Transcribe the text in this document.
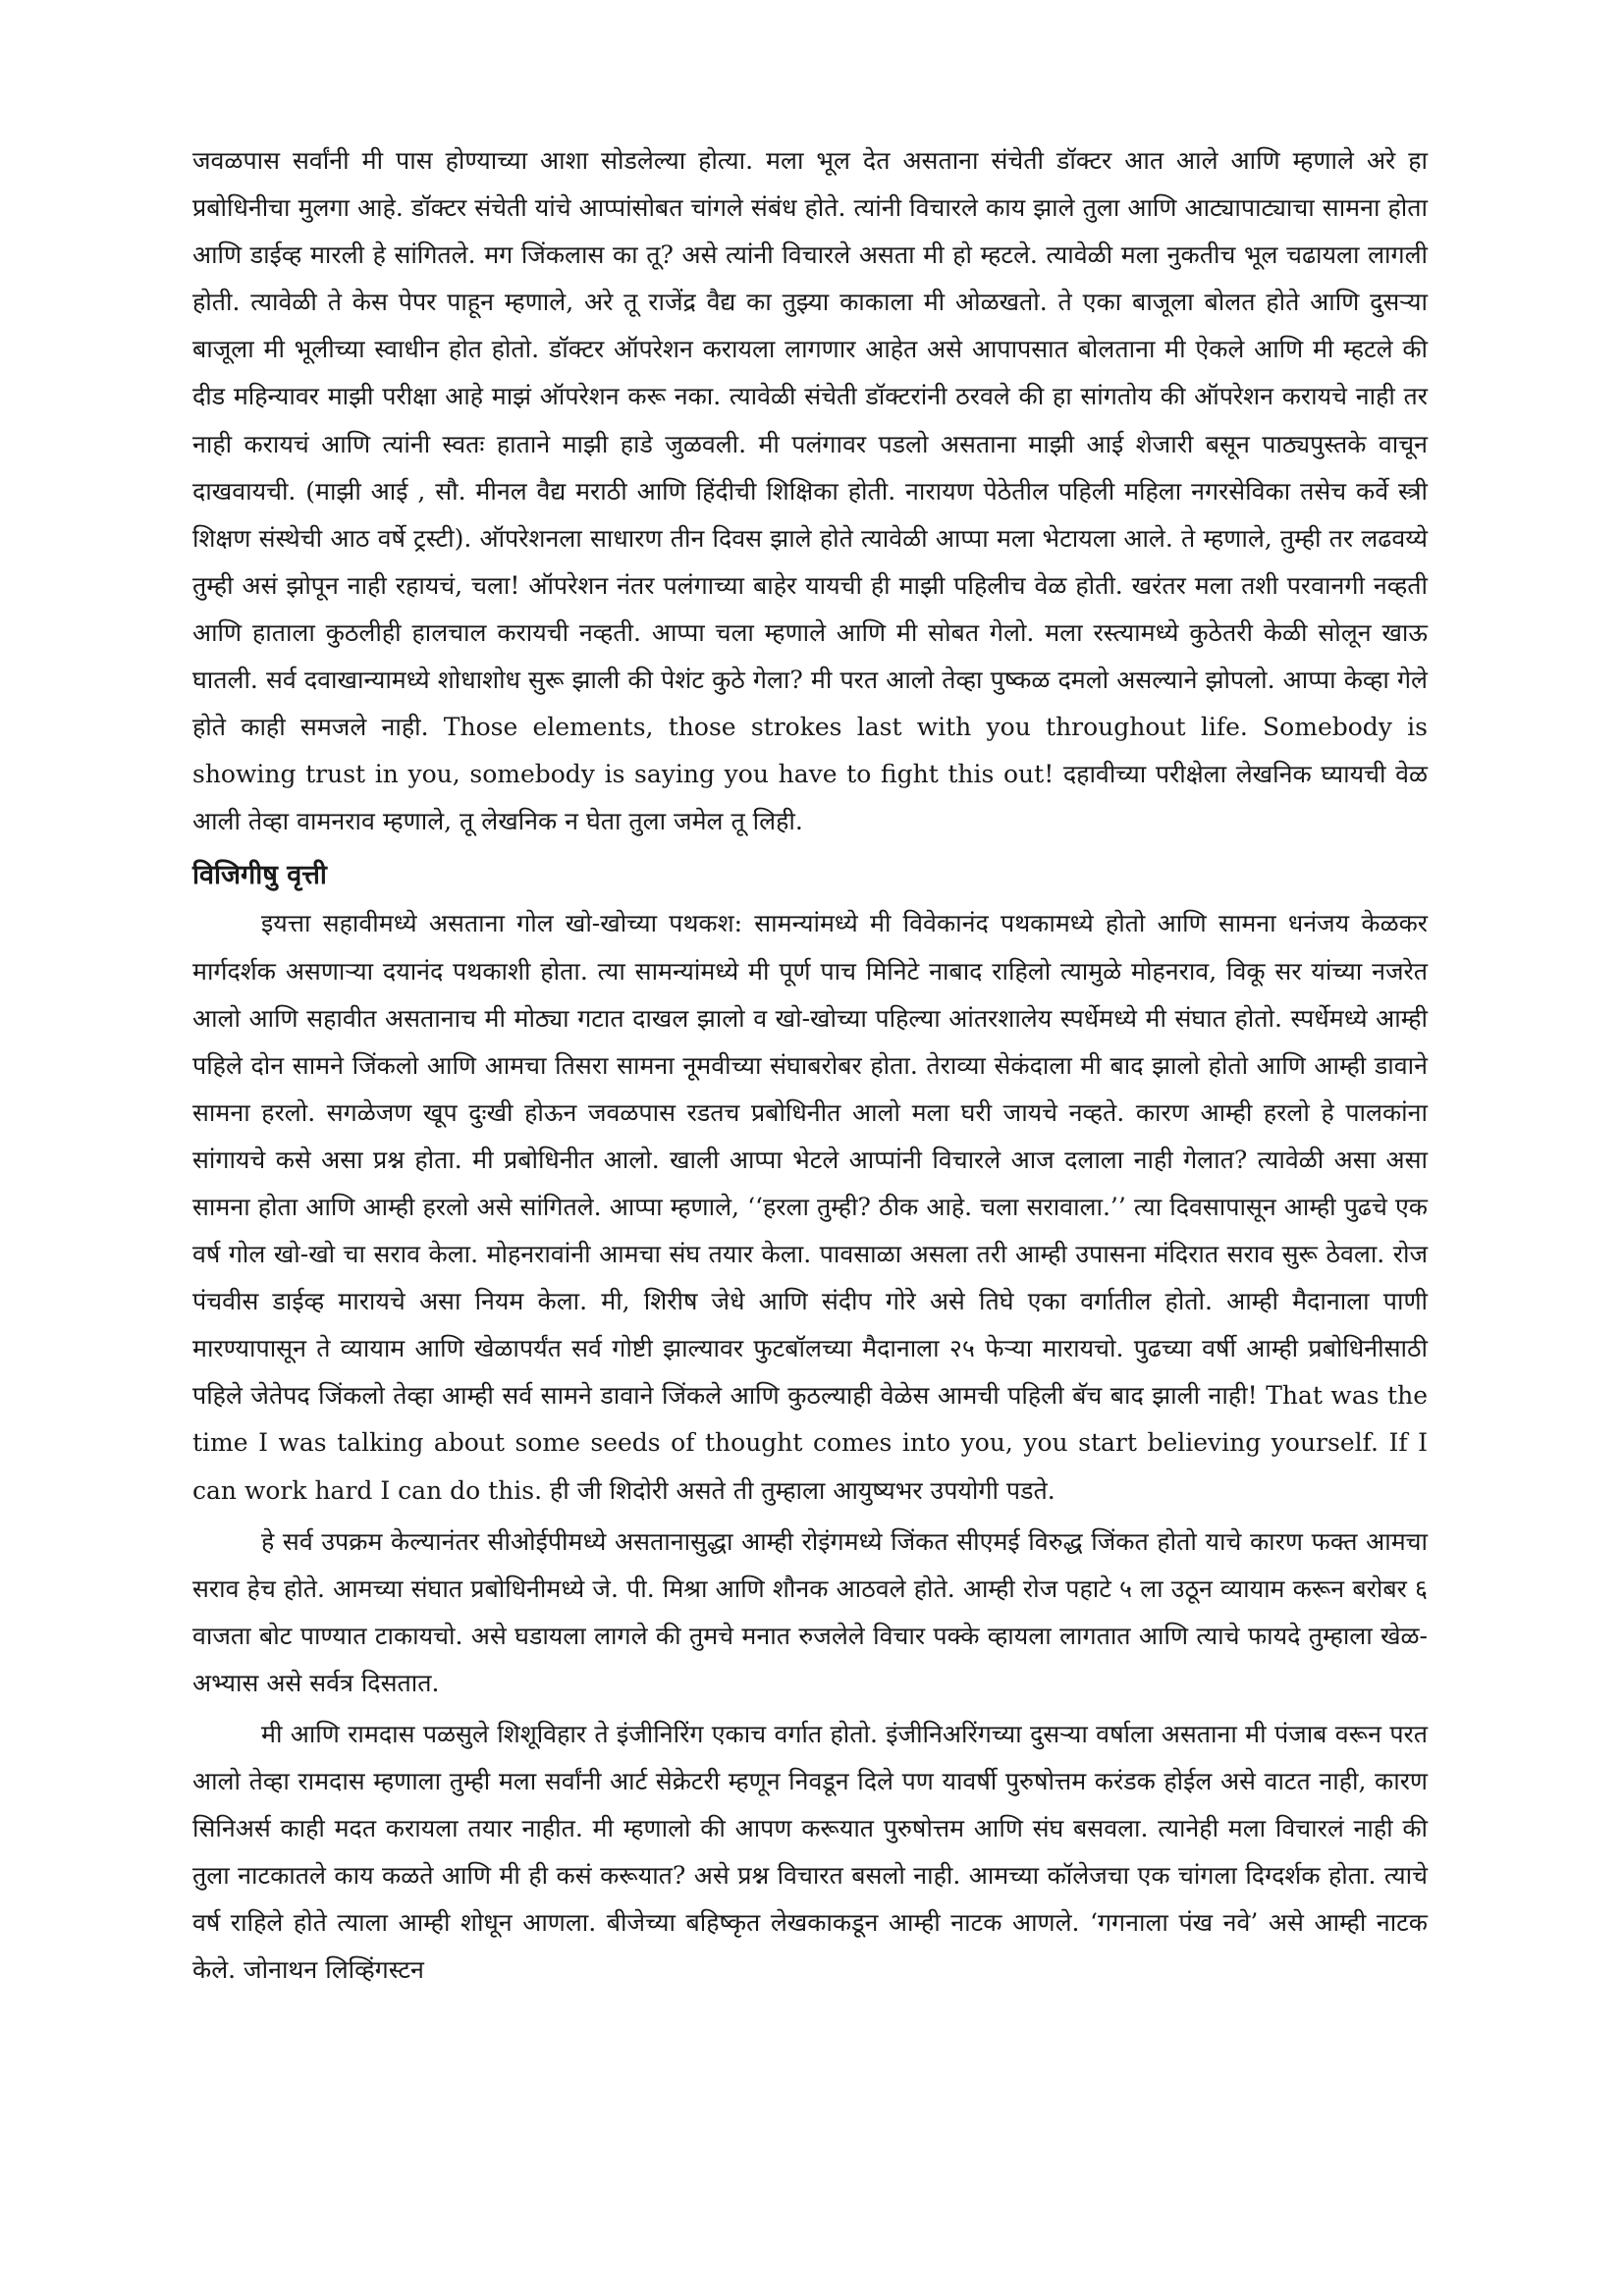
जवळपास सर्वांनी मी पास होण्याच्या आशा सोडलेल्या होत्या. मला भूल देत असताना संचेती डॉक्टर आत आले आणि म्हणाले अरे हा प्रबोधिनीचा मुलगा आहे. डॉक्टर संचेती यांचे आप्पांसोबत चांगले संबंध होते. त्यांनी विचारले काय झाले तुला आणि आट्यापाट्याचा सामना होता आणि डाईव्ह मारली हे सांगितले. मग जिंकलास का तू? असे त्यांनी विचारले असता मी हो म्हटले. त्यावेळी मला नुकतीच भूल चढायला लागली होती. त्यावेळी ते केस पेपर पाहून म्हणाले, अरे तू राजेंद्र वैद्य का तुझ्या काकाला मी ओळखतो. ते एका बाजूला बोलत होते आणि दुसऱ्या बाजूला मी भूलीच्या स्वाधीन होत होतो. डॉक्टर ऑपरेशन करायला लागणार आहेत असे आपापसात बोलताना मी ऐकले आणि मी म्हटले की दीड महिन्यावर माझी परीक्षा आहे माझं ऑपरेशन करू नका. त्यावेळी संचेती डॉक्टरांनी ठरवले की हा सांगतोय की ऑपरेशन करायचे नाही तर नाही करायचं आणि त्यांनी स्वतः हाताने माझी हाडे जुळवली. मी पलंगावर पडलो असताना माझी आई शेजारी बसून पाठ्यपुस्तके वाचून दाखवायची. (माझी आई , सौ. मीनल वैद्य मराठी आणि हिंदीची शिक्षिका होती. नारायण पेठेतील पहिली महिला नगरसेविका तसेच कर्वे स्त्री शिक्षण संस्थेची आठ वर्षे ट्रस्टी). ऑपरेशनला साधारण तीन दिवस झाले होते त्यावेळी आप्पा मला भेटायला आले. ते म्हणाले, तुम्ही तर लढवय्ये तुम्ही असं झोपून नाही रहायचं, चला! ऑपरेशन नंतर पलंगाच्या बाहेर यायची ही माझी पहिलीच वेळ होती. खरंतर मला तशी परवानगी नव्हती आणि हाताला कुठलीही हालचाल करायची नव्हती. आप्पा चला म्हणाले आणि मी सोबत गेलो. मला रस्त्यामध्ये कुठेतरी केळी सोलून खाऊ घातली. सर्व दवाखान्यामध्ये शोधाशोध सुरू झाली की पेशंट कुठे गेला? मी परत आलो तेव्हा पुष्कळ दमलो असल्याने झोपलो. आप्पा केव्हा गेले होते काही समजले नाही. Those elements, those strokes last with you throughout life. Somebody is showing trust in you, somebody is saying you have to fight this out! दहावीच्या परीक्षेला लेखनिक घ्यायची वेळ आली तेव्हा वामनराव म्हणाले, तू लेखनिक न घेता तुला जमेल तू लिही.

विजिगीषु वृत्ती

इयत्ता सहावीमध्ये असताना गोल खो-खोच्या पथकश: सामन्यांमध्ये मी विवेकानंद पथकामध्ये होतो आणि सामना धनंजय केळकर मार्गदर्शक असणाऱ्या दयानंद पथकाशी होता. त्या सामन्यांमध्ये मी पूर्ण पाच मिनिटे नाबाद राहिलो त्यामुळे मोहनराव, विकू सर यांच्या नजरेत आलो आणि सहावीत असतानाच मी मोठ्या गटात दाखल झालो व खो-खोच्या पहिल्या आंतरशालेय स्पर्धेमध्ये मी संघात होतो. स्पर्धेमध्ये आम्ही पहिले दोन सामने जिंकलो आणि आमचा तिसरा सामना नूमवीच्या संघाबरोबर होता. तेराव्या सेकंदाला मी बाद झालो होतो आणि आम्ही डावाने सामना हरलो. सगळेजण खूप दुःखी होऊन जवळपास रडतच प्रबोधिनीत आलो मला घरी जायचे नव्हते. कारण आम्ही हरलो हे पालकांना सांगायचे कसे असा प्रश्न होता. मी प्रबोधिनीत आलो. खाली आप्पा भेटले आप्पांनी विचारले आज दलाला नाही गेलात? त्यावेळी असा असा सामना होता आणि आम्ही हरलो असे सांगितले. आप्पा म्हणाले, ‘‘हरला तुम्ही? ठीक आहे. चला सरावाला.’’ त्या दिवसापासून आम्ही पुढचे एक वर्ष गोल खो-खो चा सराव केला. मोहनरावांनी आमचा संघ तयार केला. पावसाळा असला तरी आम्ही उपासना मंदिरात सराव सुरू ठेवला. रोज पंचवीस डाईव्ह मारायचे असा नियम केला. मी, शिरीष जेधे आणि संदीप गोरे असे तिघे एका वर्गातील होतो. आम्ही मैदानाला पाणी मारण्यापासून ते व्यायाम आणि खेळापर्यंत सर्व गोष्टी झाल्यावर फुटबॉलच्या मैदानाला २५ फेऱ्या मारायचो. पुढच्या वर्षी आम्ही प्रबोधिनीसाठी पहिले जेतेपद जिंकलो तेव्हा आम्ही सर्व सामने डावाने जिंकले आणि कुठल्याही वेळेस आमची पहिली बॅच बाद झाली नाही! That was the time I was talking about some seeds of thought comes into you, you start believing yourself. If I can work hard I can do this. ही जी शिदोरी असते ती तुम्हाला आयुष्यभर उपयोगी पडते.

हे सर्व उपक्रम केल्यानंतर सीओईपीमध्ये असतानासुद्धा आम्ही रोइंगमध्ये जिंकत सीएमई विरुद्ध जिंकत होतो याचे कारण फक्त आमचा सराव हेच होते. आमच्या संघात प्रबोधिनीमध्ये जे. पी. मिश्रा आणि शौनक आठवले होते. आम्ही रोज पहाटे ५ ला उठून व्यायाम करून बरोबर ६ वाजता बोट पाण्यात टाकायचो. असे घडायला लागले की तुमचे मनात रुजलेले विचार पक्के व्हायला लागतात आणि त्याचे फायदे तुम्हाला खेळ-अभ्यास असे सर्वत्र दिसतात.

मी आणि रामदास पळसुले शिशूविहार ते इंजीनिरिंग एकाच वर्गात होतो. इंजीनिअरिंगच्या दुसऱ्या वर्षाला असताना मी पंजाब वरून परत आलो तेव्हा रामदास म्हणाला तुम्ही मला सर्वांनी आर्ट सेक्रेटरी म्हणून निवडून दिले पण यावर्षी पुरुषोत्तम करंडक होईल असे वाटत नाही, कारण सिनिअर्स काही मदत करायला तयार नाहीत. मी म्हणालो की आपण करूयात पुरुषोत्तम आणि संघ बसवला. त्यानेही मला विचारलं नाही की तुला नाटकातले काय कळते आणि मी ही कसं करूयात? असे प्रश्न विचारत बसलो नाही. आमच्या कॉलेजचा एक चांगला दिग्दर्शक होता. त्याचे वर्ष राहिले होते त्याला आम्ही शोधून आणला. बीजेच्या बहिष्कृत लेखकाकडून आम्ही नाटक आणले. ‘गगनाला पंख नवे’ असे आम्ही नाटक केले. जोनाथन लिव्हिंगस्टन
